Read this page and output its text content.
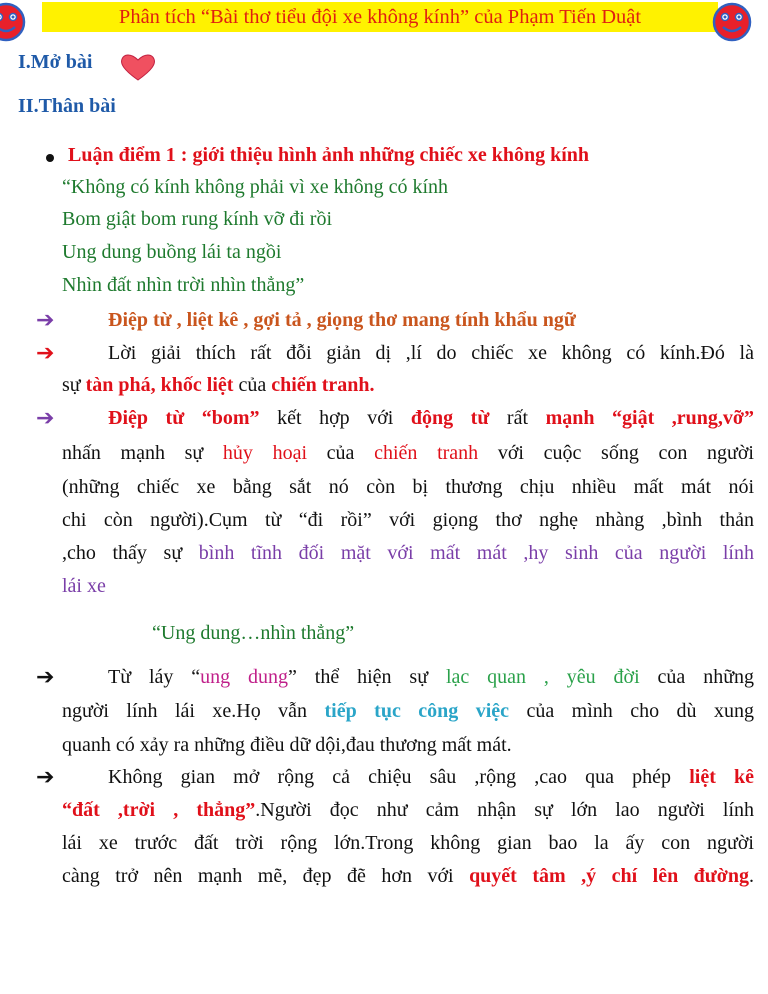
Phân tích “Bài thơ tiểu đội xe không kính” của Phạm Tiến Duật
I.Mở bài
II.Thân bài
Luận điểm 1 : giới thiệu hình ảnh những chiếc xe không kính
“Không có kính không phải vì xe không có kính
Bom giật bom rung kính vỡ đi rồi
Ung dung buồng lái ta ngồi
Nhìn đất nhìn trời nhìn thẳng”
➔	Điệp từ , liệt kê , gợi tả , giọng thơ mang tính khẩu ngữ
➔	Lời giải thích rất đỗi giản dị ,lí do chiếc xe không có kính.Đó là
sự tàn phá, khốc liệt của chiến tranh.
➔	Điệp từ “bom” kết hợp với động từ rất mạnh “giật ,rung,vỡ”
nhấn mạnh sự hủy hoại của chiến tranh với cuộc sống con người
(những chiếc xe bằng sắt nó còn bị thương chịu nhiều mất mát nói
chi còn người).Cụm từ “đi rồi” với giọng thơ nghẹ nhàng ,bình thản
,cho thấy sự bình tĩnh đối mặt với mất mát ,hy sinh của người lính
lái xe
“Ung dung…nhìn thẳng”
➔	Từ láy “ung dung” thể hiện sự lạc quan , yêu đời của những
người lính lái xe.Họ vẫn tiếp tục công việc của mình cho dù xung
quanh có xảy ra những điều dữ dội,đau thương mất mát.
➔	Không gian mở rộng cả chiệu sâu ,rộng ,cao qua phép liệt kê
“đất ,trời , thẳng”.Người đọc như cảm nhận sự lớn lao người lính
lái xe trước đất trời rộng lớn.Trong không gian bao la ấy con người
càng trở nên mạnh mẽ, đẹp đẽ hơn với quyết tâm ,ý chí lên đường.
